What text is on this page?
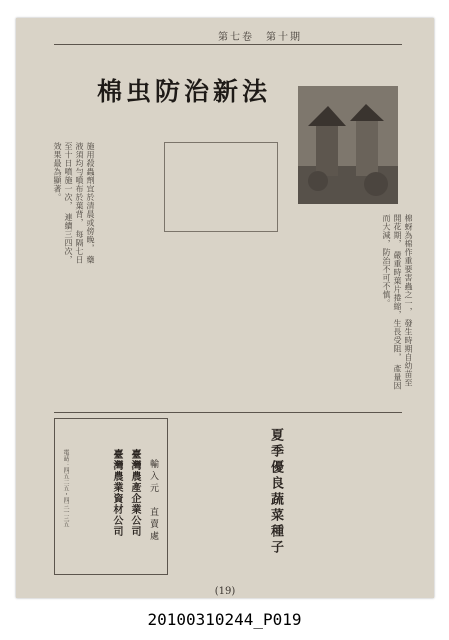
第七卷　第十期
棉虫防治新法
棉蚜為棉作重要害蟲之一， 發生時期自幼苗至開花期， 嚴重時葉片捲縮，生長受阻， 產量因而大減，防治不可不慎。
施用殺蟲劑宜於清晨或傍晚， 藥液須均勻噴布於葉背， 每隔七日至十日噴施一次， 連續三四次，效果最為顯著。
夏季優良蔬菜種子
輸入元　直賣處
臺灣農產企業公司
臺灣農業資材公司
電話：四五二五・四三一三五
(19)
20100310244_P019
